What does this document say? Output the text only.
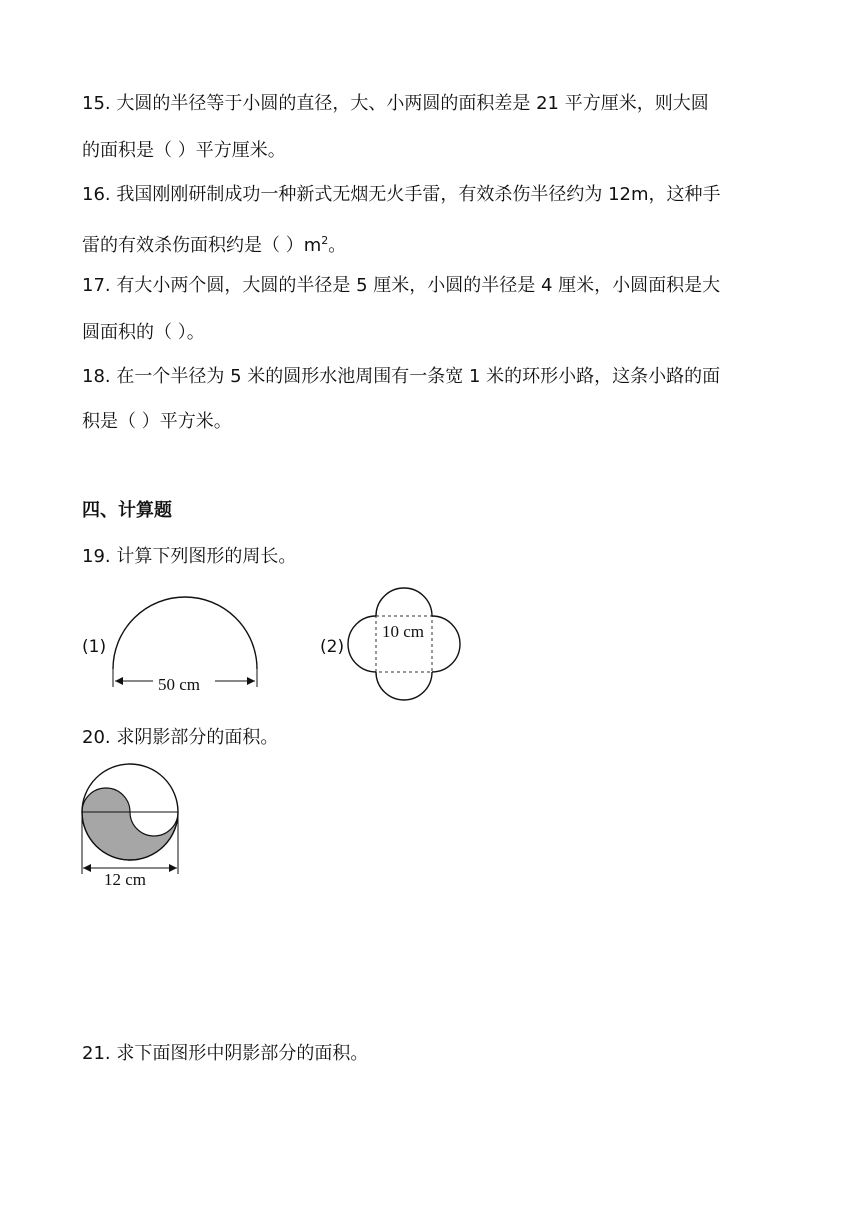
15. 大圆的半径等于小圆的直径，大、小两圆的面积差是 21 平方厘米，则大圆
的面积是（ ）平方厘米。
16. 我国刚刚研制成功一种新式无烟无火手雷，有效杀伤半径约为 12m，这种手
雷的有效杀伤面积约是（ ）$m^2$。
17. 有大小两个圆，大圆的半径是 5 厘米，小圆的半径是 4 厘米，小圆面积是大
圆面积的（ ）。
18. 在一个半径为 5 米的圆形水池周围有一条宽 1 米的环形小路，这条小路的面
积是（ ）平方米。
四、计算题
19. 计算下列图形的周长。
(1)
50 cm
(2)
10 cm
20. 求阴影部分的面积。
12 cm
21. 求下面图形中阴影部分的面积。
